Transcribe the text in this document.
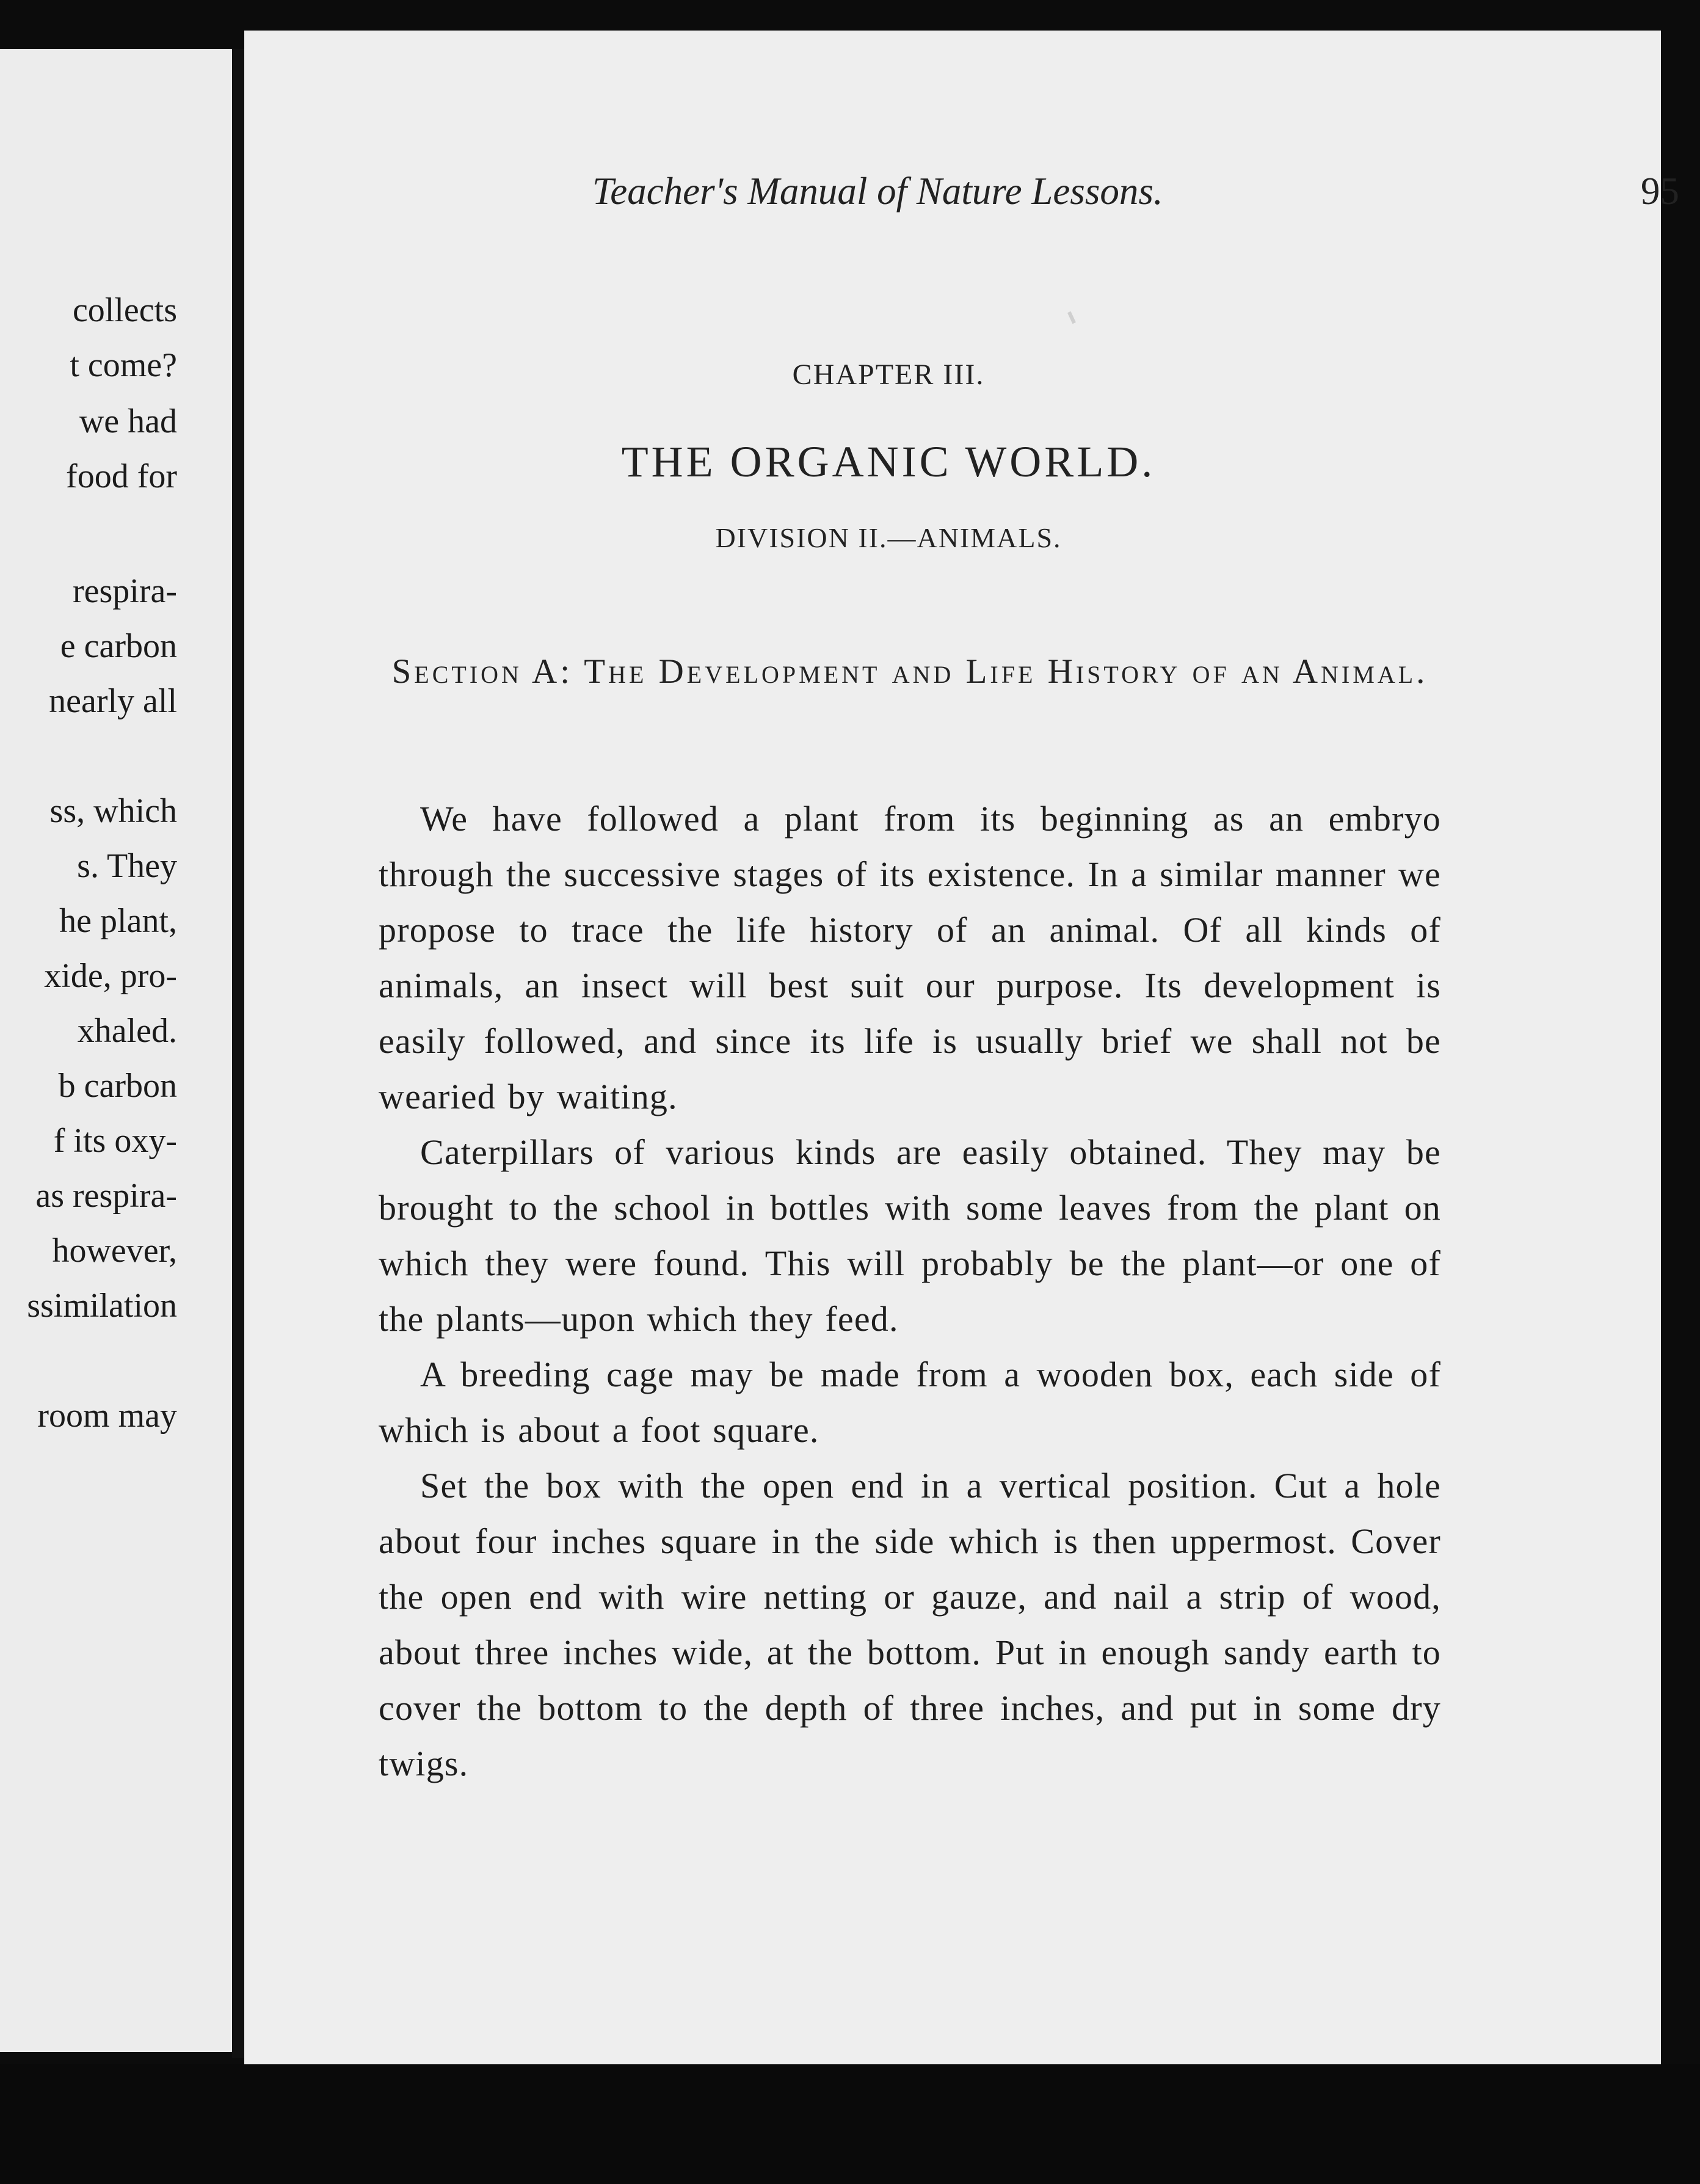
collects
t come?
we had
food for
respira-
e carbon
nearly all
ss, which
s. They
he plant,
xide, pro-
xhaled.
b carbon
f its oxy-
as respira-
however,
ssimilation
room may
Teacher's Manual of Nature Lessons.	95
CHAPTER III.
THE ORGANIC WORLD.
DIVISION II.—ANIMALS.
Section A: The Development and Life History of an Animal.

We have followed a plant from its beginning as an embryo through the successive stages of its existence. In a similar manner we propose to trace the life history of an animal. Of all kinds of animals, an insect will best suit our purpose. Its development is easily followed, and since its life is usually brief we shall not be wearied by waiting.

Caterpillars of various kinds are easily obtained. They may be brought to the school in bottles with some leaves from the plant on which they were found. This will probably be the plant—or one of the plants—upon which they feed.

A breeding cage may be made from a wooden box, each side of which is about a foot square.

Set the box with the open end in a vertical position. Cut a hole about four inches square in the side which is then uppermost. Cover the open end with wire netting or gauze, and nail a strip of wood, about three inches wide, at the bottom. Put in enough sandy earth to cover the bottom to the depth of three inches, and put in some dry twigs.
